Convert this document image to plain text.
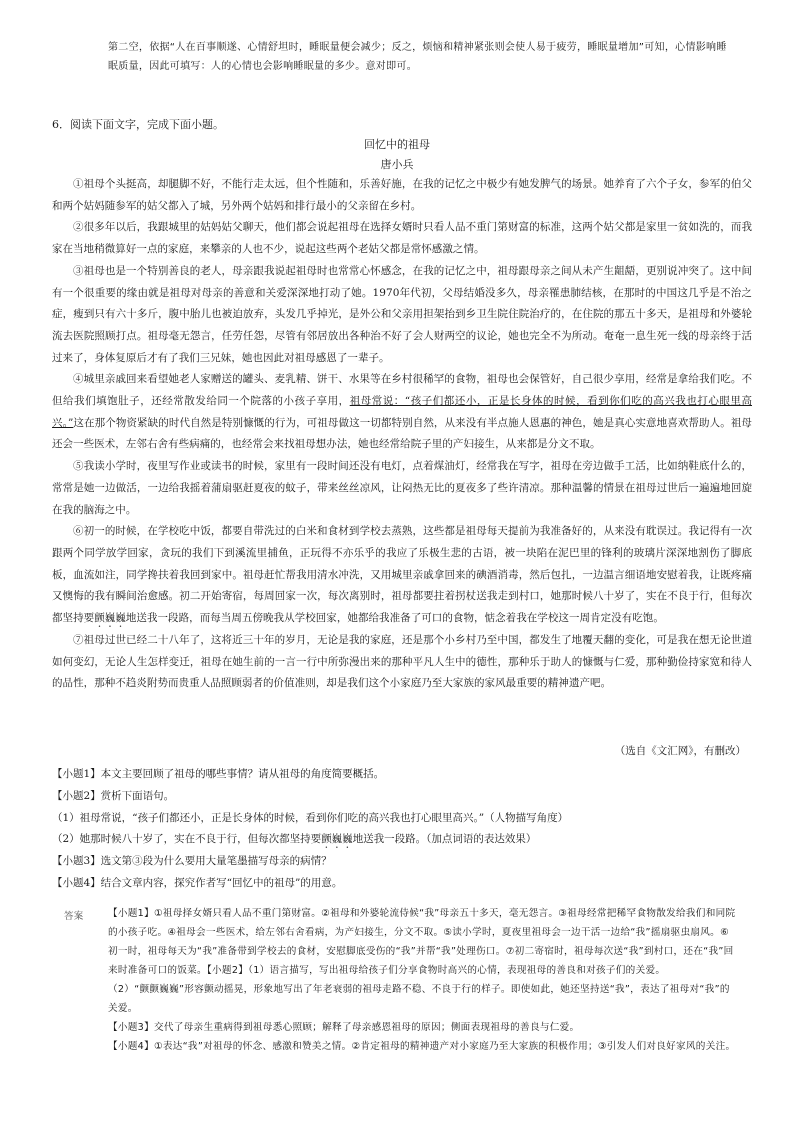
第二空，依据“人在百事顺遂、心情舒坦时，睡眠量便会减少；反之，烦恼和精神紧张则会使人易于疲劳，睡眠量增加”可知，心情影响睡眠质量，因此可填写：人的心情也会影响睡眠量的多少。意对即可。
6．阅读下面文字，完成下面小题。
回忆中的祖母
唐小兵

①祖母个头挺高，却腿脚不好，不能行走太远，但个性随和，乐善好施，在我的记忆之中极少有她发脾气的场景。她养育了六个子女，参军的伯父和两个姑妈随参军的姑父都入了城，另外两个姑妈和排行最小的父亲留在乡村。

②很多年以后，我跟城里的姑妈姑父聊天，他们都会说起祖母在选择女婿时只看人品不重门第财富的标准，这两个姑父都是家里一贫如洗的，而我家在当地稍微算好一点的家庭，来攀亲的人也不少，说起这些两个老姑父都是常怀感激之情。

③祖母也是一个特别善良的老人，母亲跟我说起祖母时也常常心怀感念，在我的记忆之中，祖母跟母亲之间从未产生龃龉，更别说冲突了。这中间有一个很重要的缘由就是祖母对母亲的善意和关爱深深地打动了她。1970年代初，父母结婚没多久，母亲罹患肺结核，在那时的中国这几乎是不治之症，瘦到只有六十多斤，腹中胎儿也被迫放弃，头发几乎掉光，是外公和父亲用担架抬到乡卫生院住院治疗的，在住院的那五十多天，是祖母和外婆轮流去医院照顾打点。祖母毫无怨言，任劳任怨，尽管有邻居放出各种治不好了会人财两空的议论，她也完全不为所动。奄奄一息生死一线的母亲终于活过来了，身体复原后才有了我们三兄妹，她也因此对祖母感恩了一辈子。

④城里亲戚回来看望她老人家赠送的罐头、麦乳精、饼干、水果等在乡村很稀罕的食物，祖母也会保管好，自己很少享用，经常是拿给我们吃。不但给我们填饱肚子，还经常散发给同一个院落的小孩子享用，祖母常说：“孩子们都还小，正是长身体的时候，看到你们吃的高兴我也打心眼里高兴。”这在那个物资紧缺的时代自然是特别慷慨的行为，可祖母做这一切都特别自然，从来没有半点施人恩惠的神色，她是真心实意地喜欢帮助人。祖母还会一些医术，左邻右舍有些病痛的，也经常会来找祖母想办法，她也经常给院子里的产妇接生，从来都是分文不取。

⑤我读小学时，夜里写作业或读书的时候，家里有一段时间还没有电灯，点着煤油灯，经常我在写字，祖母在旁边做手工活，比如纳鞋底什么的，常常是她一边做活，一边给我摇着蒲扇驱赶夏夜的蚊子，带来丝丝凉风，让闷热无比的夏夜多了些许清凉。那种温馨的情景在祖母过世后一遍遍地回旋在我的脑海之中。

⑥初一的时候，在学校吃中饭，都要自带洗过的白米和食材到学校去蒸熟，这些都是祖母每天提前为我准备好的，从来没有耽误过。我记得有一次跟两个同学放学回家，贪玩的我们下到溪流里捕鱼，正玩得不亦乐乎的我应了乐极生悲的古语，被一块陷在泥巴里的锋利的玻璃片深深地割伤了脚底板，血流如注，同学搀扶着我回到家中。祖母赶忙帮我用清水冲洗，又用城里亲戚拿回来的碘酒消毒，然后包扎，一边温言细语地安慰着我，让既疼痛又懊悔的我有瞬间治愈感。初二开始寄宿，每周回家一次，每次离别时，祖母都要拄着拐杖送我走到村口，她那时候八十岁了，实在不良于行，但每次都坚持要颤巍巍地送我一段路，而每当周五傍晚我从学校回家，她都给我准备了可口的食物，惦念着我在学校这一周肯定没有吃饱。

⑦祖母过世已经二十八年了，这将近三十年的岁月，无论是我的家庭，还是那个小乡村乃至中国，都发生了地覆天翻的变化，可是我在想无论世道如何变幻，无论人生怎样变迁，祖母在她生前的一言一行中所弥漫出来的那种平凡人生中的德性，那种乐于助人的慷慨与仁爱，那种勤俭持家宽和待人的品性，那种不趋炎附势而贵重人品照顾弱者的价值准则，却是我们这个小家庭乃至大家族的家风最重要的精神遗产吧。

（选自《文汇网》，有删改）
【小题1】本文主要回顾了祖母的哪些事情？请从祖母的角度简要概括。
【小题2】赏析下面语句。
（1）祖母常说，“孩子们都还小，正是长身体的时候，看到你们吃的高兴我也打心眼里高兴。”（人物描写角度）
（2）她那时候八十岁了，实在不良于行，但每次都坚持要颤巍巍地送我一段路。（加点词语的表达效果）
【小题3】选文第③段为什么要用大量笔墨描写母亲的病情？
【小题4】结合文章内容，探究作者写“回忆中的祖母”的用意。
答案	【小题1】①祖母择女婿只看人品不重门第财富。②祖母和外婆轮流侍候“我”母亲五十多天，毫无怨言。③祖母经常把稀罕食物散发给我们和同院的小孩子吃。④祖母会一些医术，给左邻右舍看病，为产妇接生，分文不取。⑤读小学时，夏夜里祖母会一边干活一边给“我”摇扇驱虫扇风。⑥初一时，祖母每天为“我”准备带到学校去的食材，安慰脚底受伤的“我”并帮“我”处理伤口。⑦初二寄宿时，祖母每次送“我”到村口，还在“我”回来时准备可口的饭菜。【小题2】（1）语言描写，写出祖母给孩子们分享食物时高兴的心情，表现祖母的善良和对孩子们的关爱。
（2）“颤颤巍巍”形容颤动摇晃，形象地写出了年老衰弱的祖母走路不稳、不良于行的样子。即使如此，她还坚持送“我”，表达了祖母对“我”的关爱。
【小题3】交代了母亲生重病得到祖母悉心照顾；解释了母亲感恩祖母的原因；侧面表现祖母的善良与仁爱。
【小题4】①表达“我”对祖母的怀念、感激和赞美之情。②肯定祖母的精神遗产对小家庭乃至大家族的积极作用；③引发人们对良好家风的关注。
